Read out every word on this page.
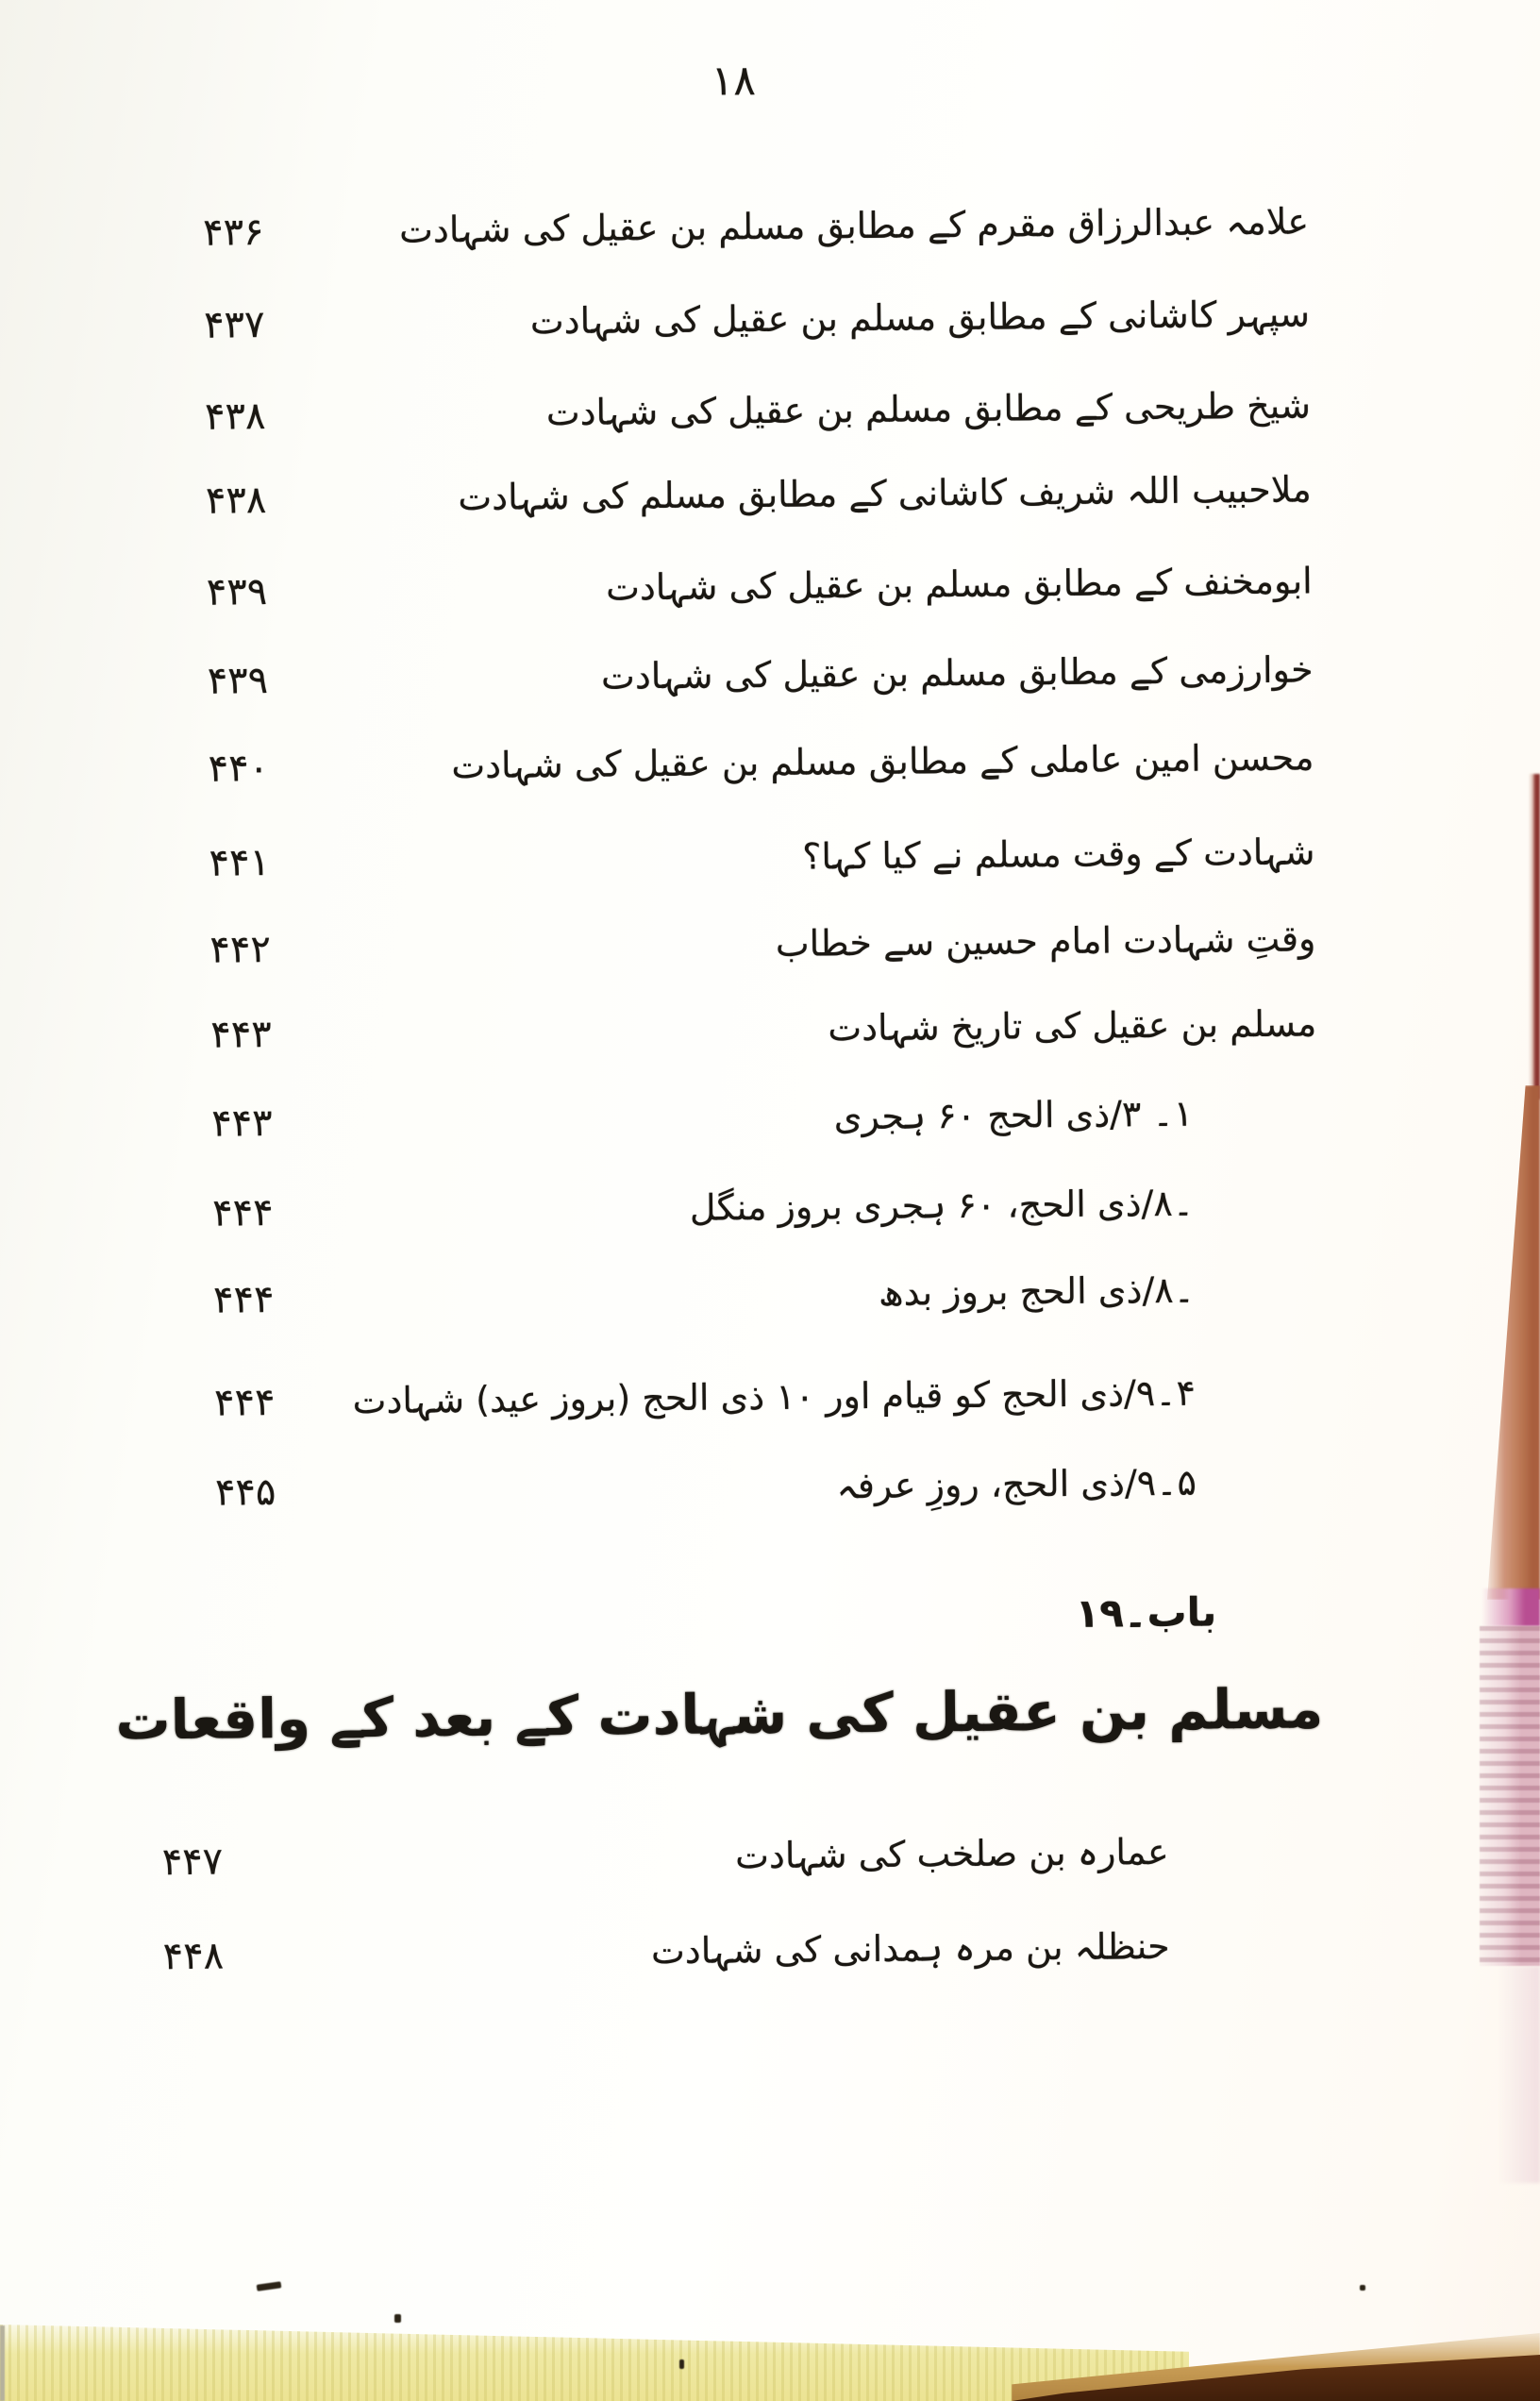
۱۸
۴۳۶	علامہ عبدالرزاق مقرم کے مطابق مسلم بن عقیل کی شہادت
۴۳۷	سپہر کاشانی کے مطابق مسلم بن عقیل کی شہادت
۴۳۸	شیخ طریحی کے مطابق مسلم بن عقیل کی شہادت
۴۳۸	ملاحبیب اللہ شریف کاشانی کے مطابق مسلم کی شہادت
۴۳۹	ابومخنف کے مطابق مسلم بن عقیل کی شہادت
۴۳۹	خوارزمی کے مطابق مسلم بن عقیل کی شہادت
۴۴۰	محسن امین عاملی کے مطابق مسلم بن عقیل کی شہادت
۴۴۱	شہادت کے وقت مسلم نے کیا کہا؟
۴۴۲	وقتِ شہادت امام حسین سے خطاب
۴۴۳	مسلم بن عقیل کی تاریخ شہادت
۴۴۳	۱۔ ۳/ذی الحج ۶۰ ہجری
۴۴۴	۔۸/ذی الحج، ۶۰ ہجری بروز منگل
۴۴۴	۔۸/ذی الحج بروز بدھ
۴۴۴ ۴۔۹/ذی الحج کو قیام اور ۱۰ ذی الحج (بروز عید) شہادت
۴۴۵	۵۔۹/ذی الحج، روزِ عرفہ
باب۔۱۹
مسلم بن عقیل کی شہادت کے بعد کے واقعات
۴۴۷	عمارہ بن صلخب کی شہادت
۴۴۸	حنظلہ بن مرہ ہمدانی کی شہادت
